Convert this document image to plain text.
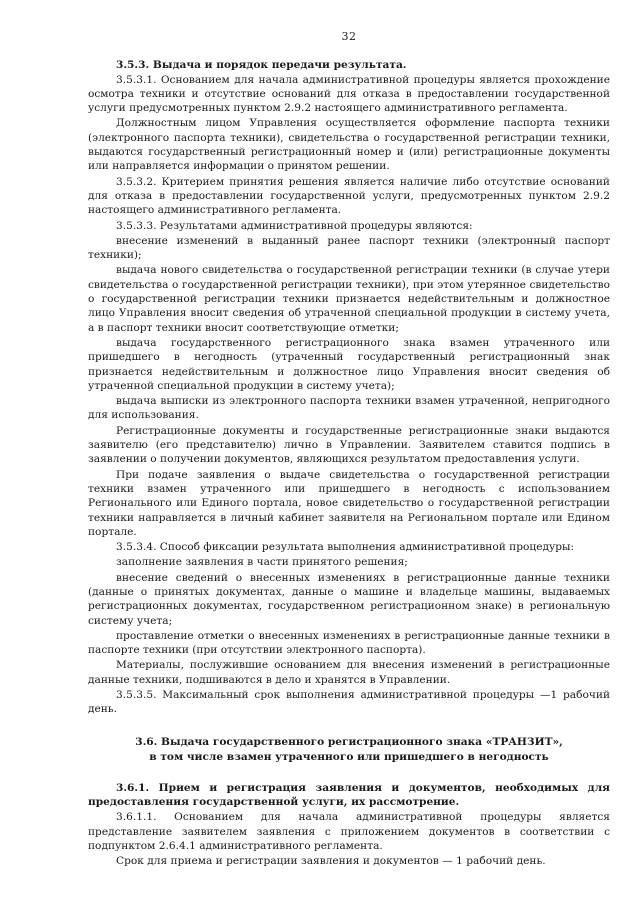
32

3.5.3. Выдача и порядок передачи результата.

3.5.3.1. Основанием для начала административной процедуры является прохождение осмотра техники и отсутствие оснований для отказа в предоставлении государственной услуги предусмотренных пунктом 2.9.2 настоящего административного регламента.

Должностным лицом Управления осуществляется оформление паспорта техники (электронного паспорта техники), свидетельства о государственной регистрации техники, выдаются государственный регистрационный номер и (или) регистрационные документы или направляется информации о принятом решении.

3.5.3.2. Критерием принятия решения является наличие либо отсутствие оснований для отказа в предоставлении государственной услуги, предусмотренных пунктом 2.9.2 настоящего административного регламента.

3.5.3.3. Результатами административной процедуры являются:

внесение изменений в выданный ранее паспорт техники (электронный паспорт техники);

выдача нового свидетельства о государственной регистрации техники (в случае утери свидетельства о государственной регистрации техники), при этом утерянное свидетельство о государственной регистрации техники признается недействительным и должностное лицо Управления вносит сведения об утраченной специальной продукции в систему учета, а в паспорт техники вносит соответствующие отметки;

выдача государственного регистрационного знака взамен утраченного или пришедшего в негодность (утраченный государственный регистрационный знак признается недействительным и должностное лицо Управления вносит сведения об утраченной специальной продукции в систему учета);

выдача выписки из электронного паспорта техники взамен утраченной, непригодного для использования.

Регистрационные документы и государственные регистрационные знаки выдаются заявителю (его представителю) лично в Управлении. Заявителем ставится подпись в заявлении о получении документов, являющихся результатом предоставления услуги.

При подаче заявления о выдаче свидетельства о государственной регистрации техники взамен утраченного или пришедшего в негодность с использованием Регионального или Единого портала, новое свидетельство о государственной регистрации техники направляется в личный кабинет заявителя на Региональном портале или Едином портале.

3.5.3.4. Способ фиксации результата выполнения административной процедуры:

заполнение заявления в части принятого решения;

внесение сведений о внесенных изменениях в регистрационные данные техники (данные о принятых документах, данные о машине и владельце машины, выдаваемых регистрационных документах, государственном регистрационном знаке) в региональную систему учета;

проставление отметки о внесенных изменениях в регистрационные данные техники в паспорте техники (при отсутствии электронного паспорта).

Материалы, послужившие основанием для внесения изменений в регистрационные данные техники, подшиваются в дело и хранятся в Управлении.

3.5.3.5. Максимальный срок выполнения административной процедуры —1 рабочий день.

3.6. Выдача государственного регистрационного знака «ТРАНЗИТ»,
в том числе взамен утраченного или пришедшего в негодность

3.6.1. Прием и регистрация заявления и документов, необходимых для предоставления государственной услуги, их рассмотрение.

3.6.1.1. Основанием для начала административной процедуры является представление заявителем заявления с приложением документов в соответствии с подпунктом 2.6.4.1 административного регламента.

Срок для приема и регистрации заявления и документов — 1 рабочий день.
